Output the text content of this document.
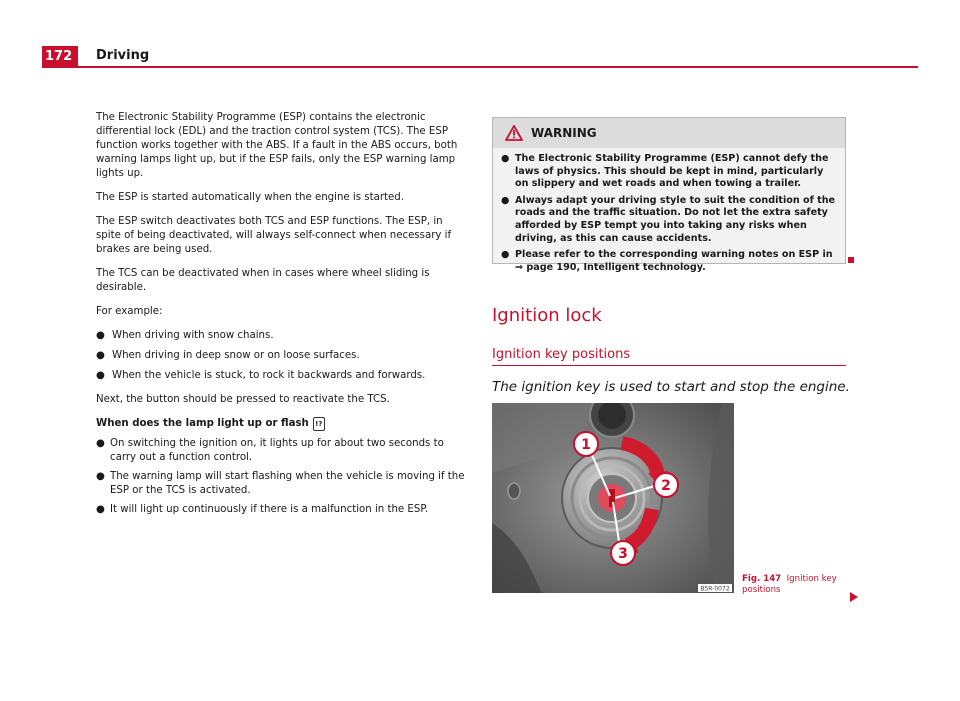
172	Driving

The Electronic Stability Programme (ESP) contains the electronic differential lock (EDL) and the traction control system (TCS). The ESP function works together with the ABS. If a fault in the ABS occurs, both warning lamps light up, but if the ESP fails, only the ESP warning lamp lights up.

The ESP is started automatically when the engine is started.

The ESP switch deactivates both TCS and ESP functions. The ESP, in spite of being deactivated, will always self-connect when necessary if brakes are being used.

The TCS can be deactivated when in cases where wheel sliding is desirable.

For example:

● When driving with snow chains.
● When driving in deep snow or on loose surfaces.
● When the vehicle is stuck, to rock it backwards and forwards.

Next, the button should be pressed to reactivate the TCS.

When does the lamp light up or flash !?
● On switching the ignition on, it lights up for about two seconds to carry out a function control.
● The warning lamp will start flashing when the vehicle is moving if the ESP or the TCS is activated.
● It will light up continuously if there is a malfunction in the ESP.
WARNING
● The Electronic Stability Programme (ESP) cannot defy the laws of physics. This should be kept in mind, particularly on slippery and wet roads and when towing a trailer.
● Always adapt your driving style to suit the condition of the roads and the traffic situation. Do not let the extra safety afforded by ESP tempt you into taking any risks when driving, as this can cause accidents.
● Please refer to the corresponding warning notes on ESP in ⇒ page 190, Intelligent technology.
Ignition lock
Ignition key positions
The ignition key is used to start and stop the engine.
1
2
3
B5R-0072
Fig. 147 Ignition key positions
